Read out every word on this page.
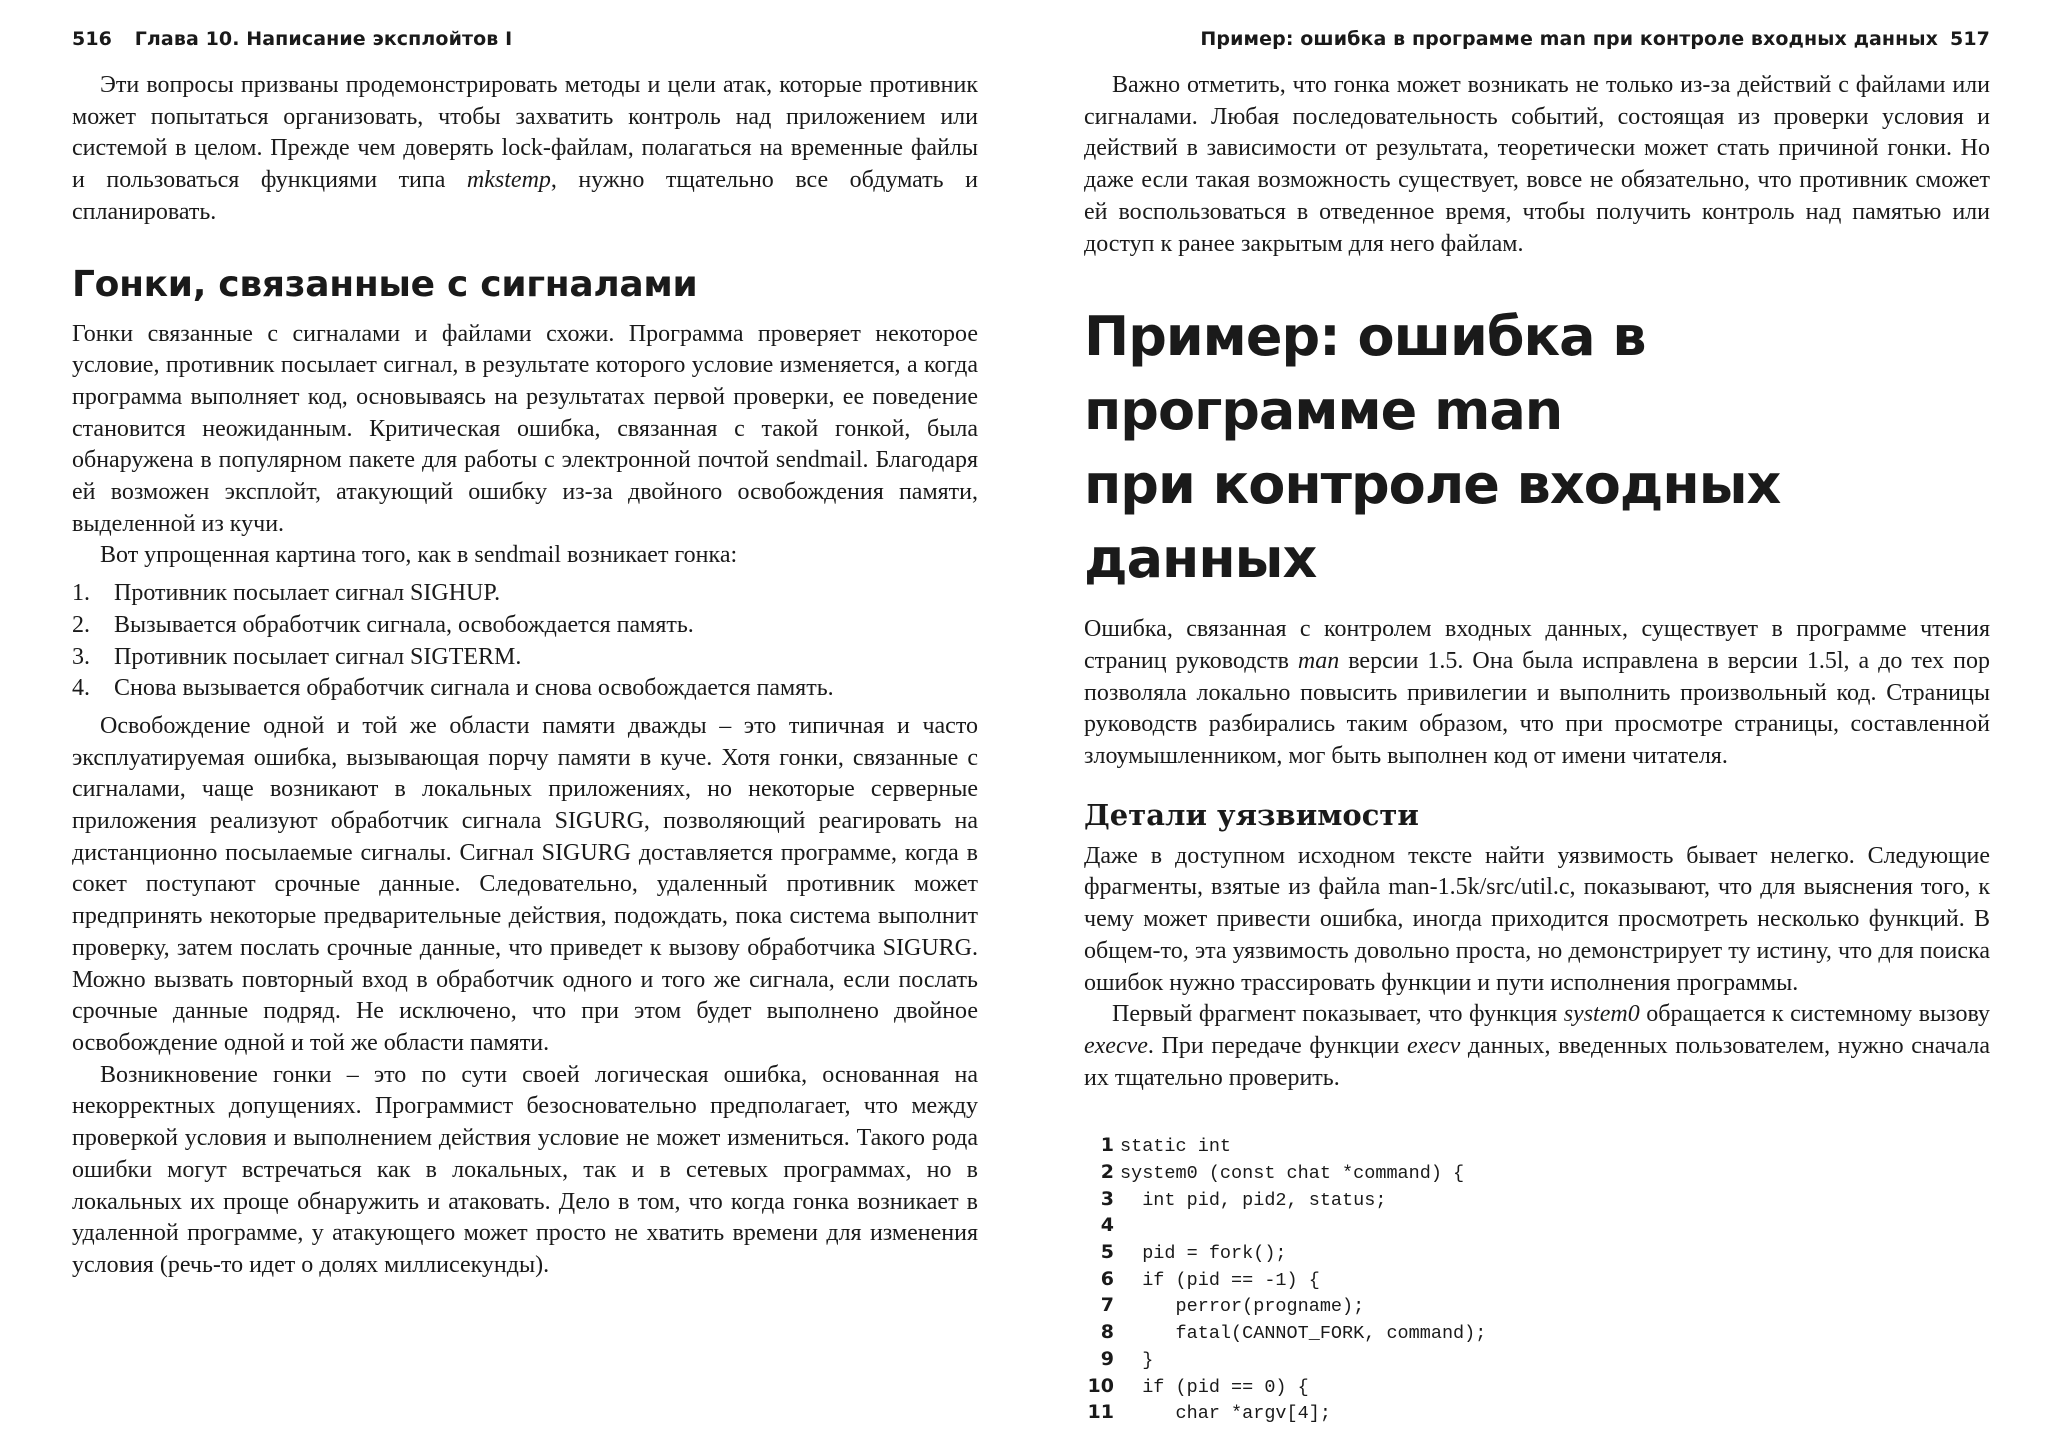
516 Глава 10. Написание эксплойтов I

Эти вопросы призваны продемонстрировать методы и цели атак, которые противник может попытаться организовать, чтобы захватить контроль над приложением или системой в целом. Прежде чем доверять lock-файлам, полагаться на временные файлы и пользоваться функциями типа mkstemp, нужно тщательно все обдумать и спланировать.

Гонки, связанные с сигналами

Гонки связанные с сигналами и файлами схожи. Программа проверяет некоторое условие, противник посылает сигнал, в результате которого условие изменяется, а когда программа выполняет код, основываясь на результатах первой проверки, ее поведение становится неожиданным. Критическая ошибка, связанная с такой гонкой, была обнаружена в популярном пакете для работы с электронной почтой sendmail. Благодаря ей возможен эксплойт, атакующий ошибку из-за двойного освобождения памяти, выделенной из кучи.

Вот упрощенная картина того, как в sendmail возникает гонка:

1. Противник посылает сигнал SIGHUP.
2. Вызывается обработчик сигнала, освобождается память.
3. Противник посылает сигнал SIGTERM.
4. Снова вызывается обработчик сигнала и снова освобождается память.

Освобождение одной и той же области памяти дважды – это типичная и часто эксплуатируемая ошибка, вызывающая порчу памяти в куче. Хотя гонки, связанные с сигналами, чаще возникают в локальных приложениях, но некоторые серверные приложения реализуют обработчик сигнала SIGURG, позволяющий реагировать на дистанционно посылаемые сигналы. Сигнал SIGURG доставляется программе, когда в сокет поступают срочные данные. Следовательно, удаленный противник может предпринять некоторые предварительные действия, подождать, пока система выполнит проверку, затем послать срочные данные, что приведет к вызову обработчика SIGURG. Можно вызвать повторный вход в обработчик одного и того же сигнала, если послать срочные данные подряд. Не исключено, что при этом будет выполнено двойное освобождение одной и той же области памяти.

Возникновение гонки – это по сути своей логическая ошибка, основанная на некорректных допущениях. Программист безосновательно предполагает, что между проверкой условия и выполнением действия условие не может измениться. Такого рода ошибки могут встречаться как в локальных, так и в сетевых программах, но в локальных их проще обнаружить и атаковать. Дело в том, что когда гонка возникает в удаленной программе, у атакующего может просто не хватить времени для изменения условия (речь-то идет о долях миллисекунды).

Пример: ошибка в программе man при контроле входных данных 517

Важно отметить, что гонка может возникать не только из-за действий с файлами или сигналами. Любая последовательность событий, состоящая из проверки условия и действий в зависимости от результата, теоретически может стать причиной гонки. Но даже если такая возможность существует, вовсе не обязательно, что противник сможет ей воспользоваться в отведенное время, чтобы получить контроль над памятью или доступ к ранее закрытым для него файлам.

Пример: ошибка в программе man
при контроле входных данных

Ошибка, связанная с контролем входных данных, существует в программе чтения страниц руководств man версии 1.5. Она была исправлена в версии 1.5l, а до тех пор позволяла локально повысить привилегии и выполнить произвольный код. Страницы руководств разбирались таким образом, что при просмотре страницы, составленной злоумышленником, мог быть выполнен код от имени читателя.

Детали уязвимости

Даже в доступном исходном тексте найти уязвимость бывает нелегко. Следующие фрагменты, взятые из файла man-1.5k/src/util.c, показывают, что для выяснения того, к чему может привести ошибка, иногда приходится просмотреть несколько функций. В общем-то, эта уязвимость довольно проста, но демонстрирует ту истину, что для поиска ошибок нужно трассировать функции и пути исполнения программы.

Первый фрагмент показывает, что функция system0 обращается к системному вызову execve. При передаче функции execv данных, введенных пользователем, нужно сначала их тщательно проверить.

1 static int
2 system0 (const chat *command) {
3  int pid, pid2, status;
4
5  pid = fork();
6  if (pid == -1) {
7     perror(progname);
8     fatal(CANNOT_FORK, command);
9  }
10  if (pid == 0) {
11     char *argv[4];
